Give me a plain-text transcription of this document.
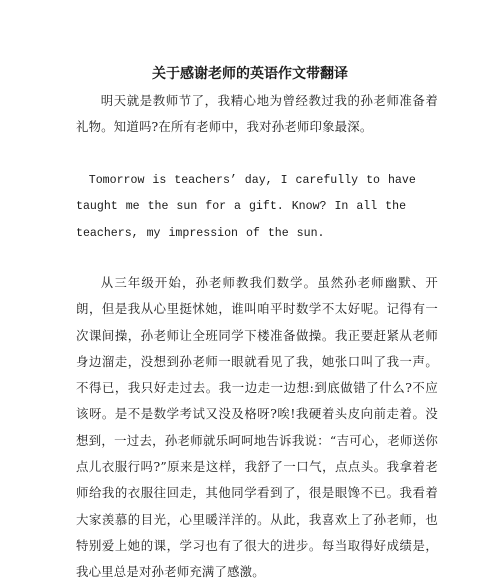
关于感谢老师的英语作文带翻译

明天就是教师节了，我精心地为曾经教过我的孙老师准备着礼物。知道吗?在所有老师中，我对孙老师印象最深。

Tomorrow is teachers’ day, I carefully to have taught me the sun for a gift. Know? In all the teachers, my impression of the sun.

从三年级开始，孙老师教我们数学。虽然孙老师幽默、开朗，但是我从心里挺怵她，谁叫咱平时数学不太好呢。记得有一次课间操，孙老师让全班同学下楼准备做操。我正要赶紧从老师身边溜走，没想到孙老师一眼就看见了我，她张口叫了我一声。不得已，我只好走过去。我一边走一边想:到底做错了什么?不应该呀。是不是数学考试又没及格呀?唉!我硬着头皮向前走着。没想到，一过去，孙老师就乐呵呵地告诉我说：“吉可心，老师送你点儿衣服行吗?”原来是这样，我舒了一口气，点点头。我拿着老师给我的衣服往回走，其他同学看到了，很是眼馋不已。我看着大家羡慕的目光，心里暖洋洋的。从此，我喜欢上了孙老师，也特别爱上她的课，学习也有了很大的进步。每当取得好成绩是，我心里总是对孙老师充满了感激。
